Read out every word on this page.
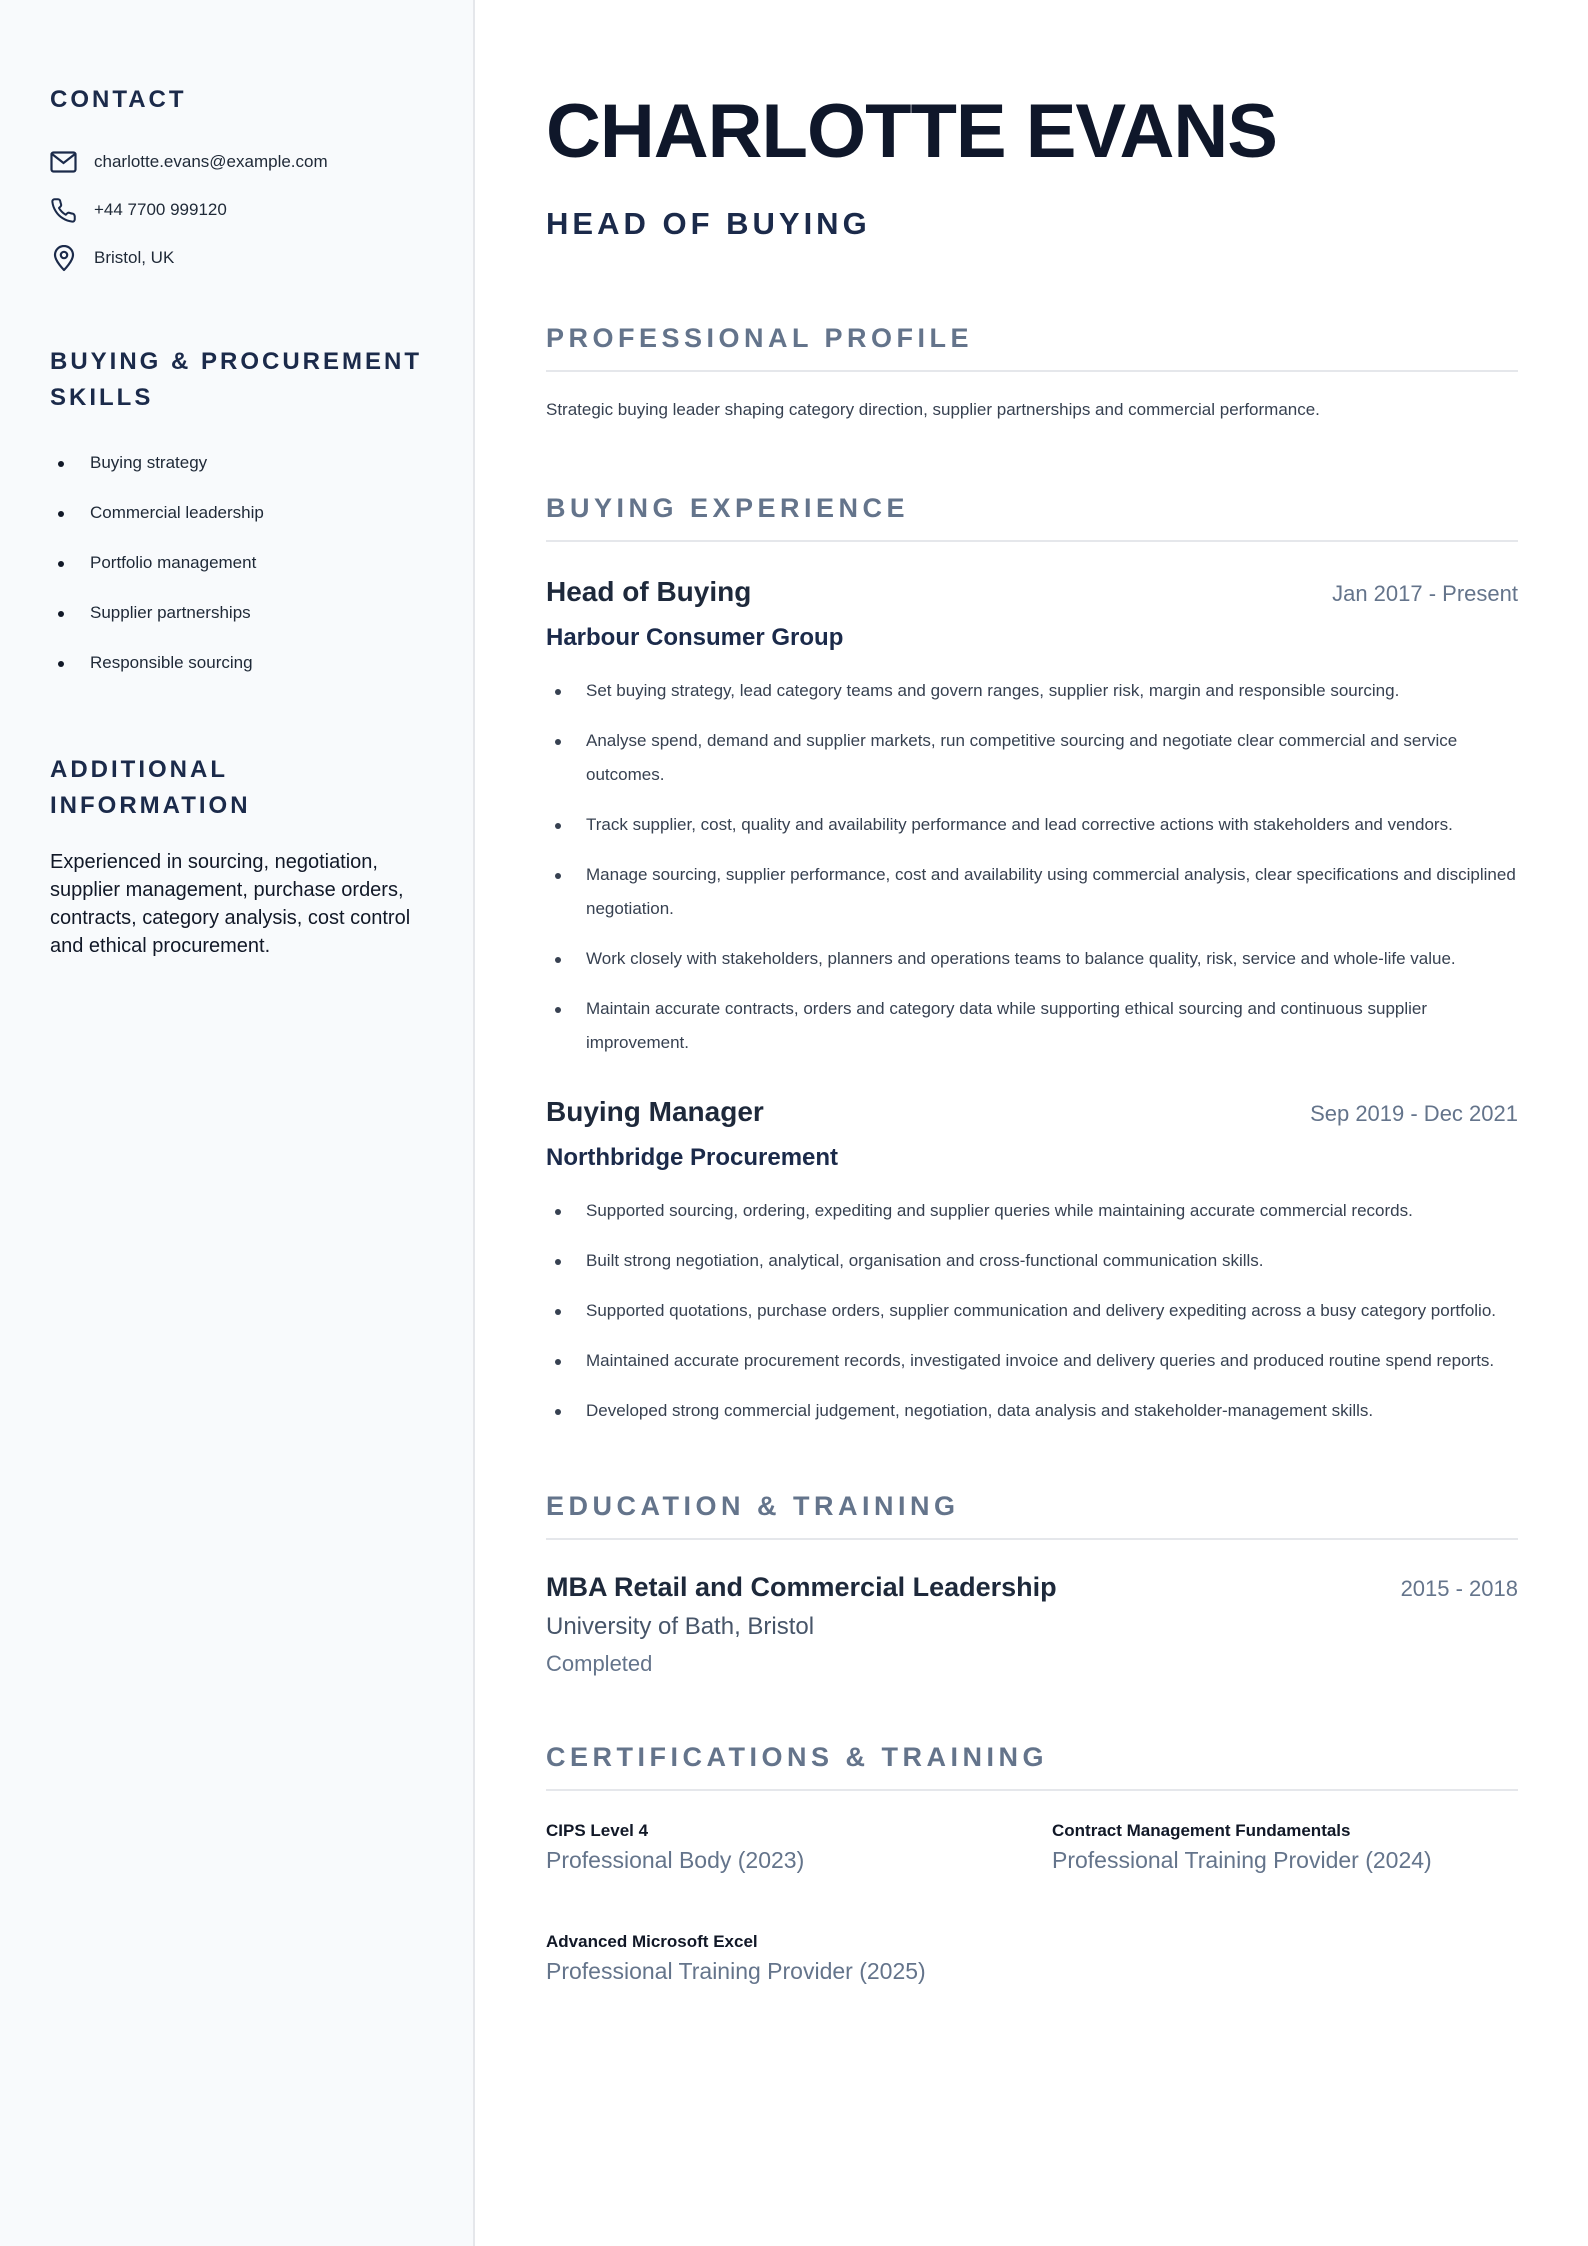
CONTACT
charlotte.evans@example.com
+44 7700 999120
Bristol, UK
BUYING & PROCUREMENT SKILLS
Buying strategy
Commercial leadership
Portfolio management
Supplier partnerships
Responsible sourcing
ADDITIONAL INFORMATION

Experienced in sourcing, negotiation, supplier management, purchase orders, contracts, category analysis, cost control and ethical procurement.

CHARLOTTE EVANS
HEAD OF BUYING
PROFESSIONAL PROFILE

Strategic buying leader shaping category direction, supplier partnerships and commercial performance.

BUYING EXPERIENCE
Head of Buying	Jan 2017 - Present
Harbour Consumer Group
Set buying strategy, lead category teams and govern ranges, supplier risk, margin and responsible sourcing.
Analyse spend, demand and supplier markets, run competitive sourcing and negotiate clear commercial and service outcomes.
Track supplier, cost, quality and availability performance and lead corrective actions with stakeholders and vendors.
Manage sourcing, supplier performance, cost and availability using commercial analysis, clear specifications and disciplined negotiation.
Work closely with stakeholders, planners and operations teams to balance quality, risk, service and whole-life value.
Maintain accurate contracts, orders and category data while supporting ethical sourcing and continuous supplier improvement.
Buying Manager	Sep 2019 - Dec 2021
Northbridge Procurement
Supported sourcing, ordering, expediting and supplier queries while maintaining accurate commercial records.
Built strong negotiation, analytical, organisation and cross-functional communication skills.
Supported quotations, purchase orders, supplier communication and delivery expediting across a busy category portfolio.
Maintained accurate procurement records, investigated invoice and delivery queries and produced routine spend reports.
Developed strong commercial judgement, negotiation, data analysis and stakeholder-management skills.
EDUCATION & TRAINING
MBA Retail and Commercial Leadership	2015 - 2018
University of Bath, Bristol
Completed
CERTIFICATIONS & TRAINING
CIPS Level 4
Professional Body (2023)
Contract Management Fundamentals
Professional Training Provider (2024)
Advanced Microsoft Excel
Professional Training Provider (2025)
